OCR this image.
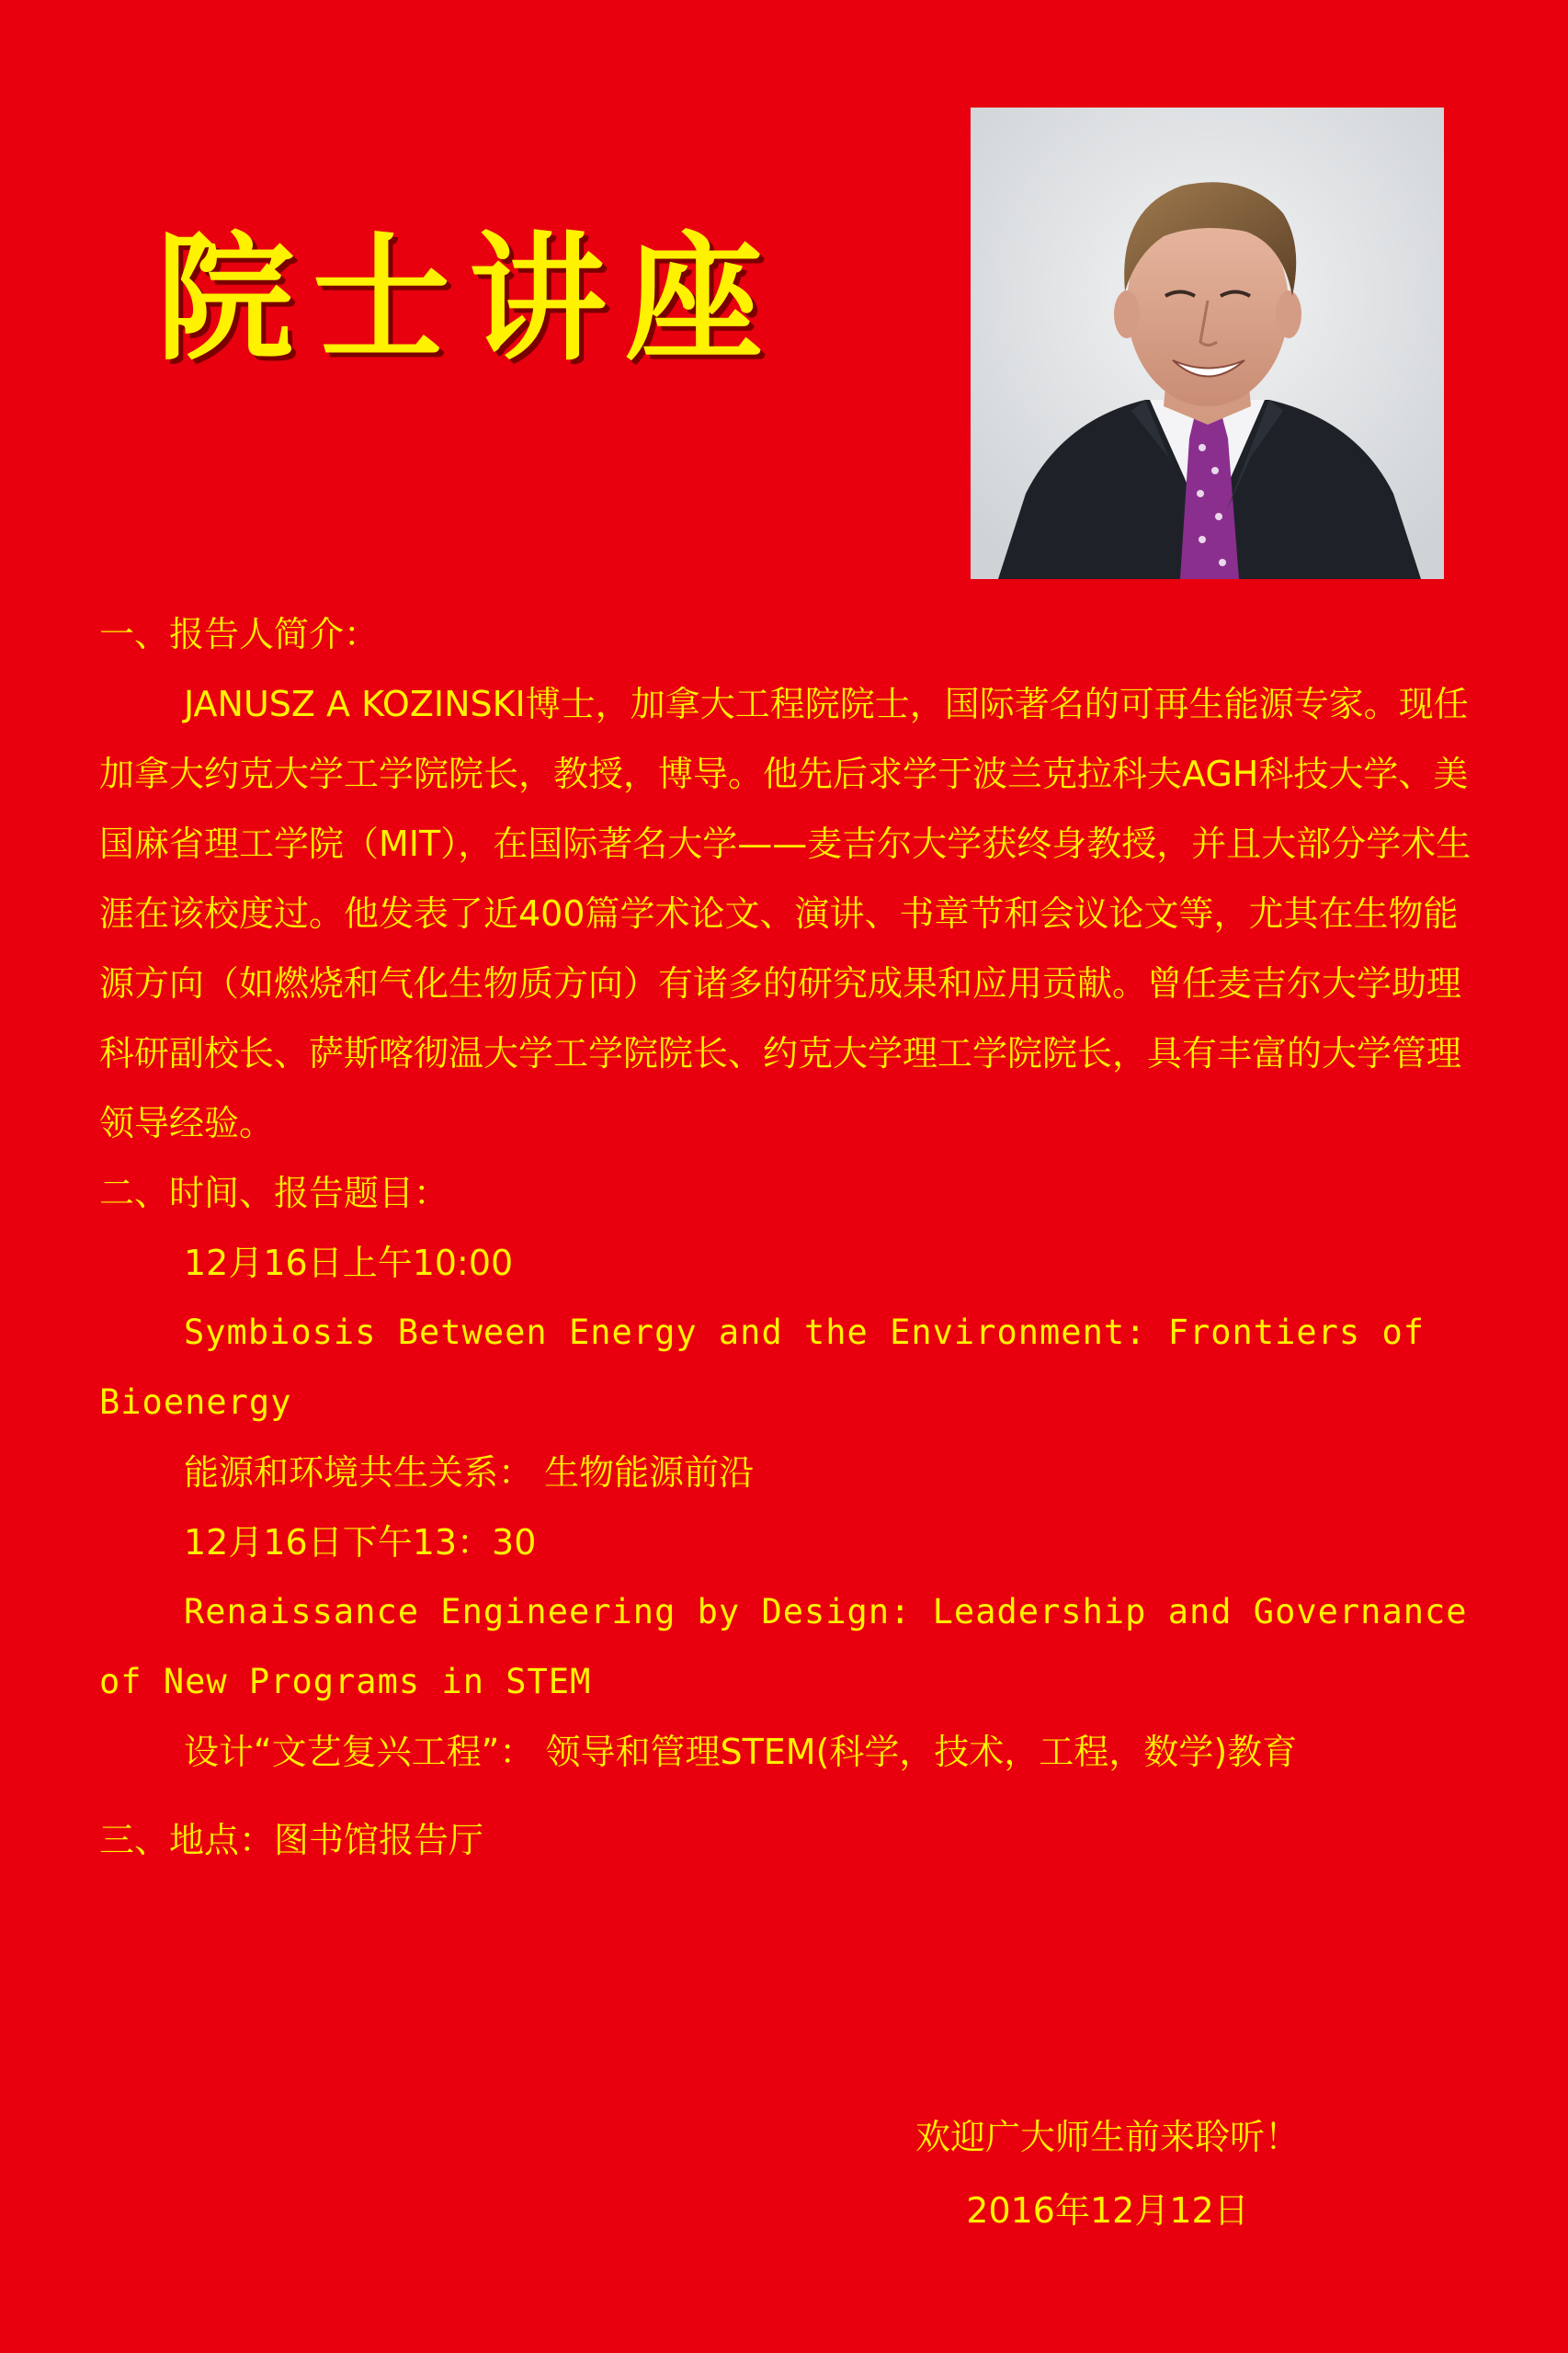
院士讲座

一、报告人简介：

JANUSZ A KOZINSKI博士，加拿大工程院院士，国际著名的可再生能源专家。现任加拿大约克大学工学院院长，教授，博导。他先后求学于波兰克拉科夫AGH科技大学、美国麻省理工学院（MIT），在国际著名大学——麦吉尔大学获终身教授，并且大部分学术生涯在该校度过。他发表了近400篇学术论文、演讲、书章节和会议论文等，尤其在生物能源方向（如燃烧和气化生物质方向）有诸多的研究成果和应用贡献。曾任麦吉尔大学助理科研副校长、萨斯喀彻温大学工学院院长、约克大学理工学院院长，具有丰富的大学管理领导经验。

二、时间、报告题目：

12月16日上午10:00

Symbiosis Between Energy and the Environment: Frontiers of Bioenergy

能源和环境共生关系： 生物能源前沿

12月16日下午13：30

Renaissance Engineering by Design: Leadership and Governance of New Programs in STEM

设计“文艺复兴工程”： 领导和管理STEM(科学，技术，工程，数学)教育

三、地点：图书馆报告厅

欢迎广大师生前来聆听！
2016年12月12日
